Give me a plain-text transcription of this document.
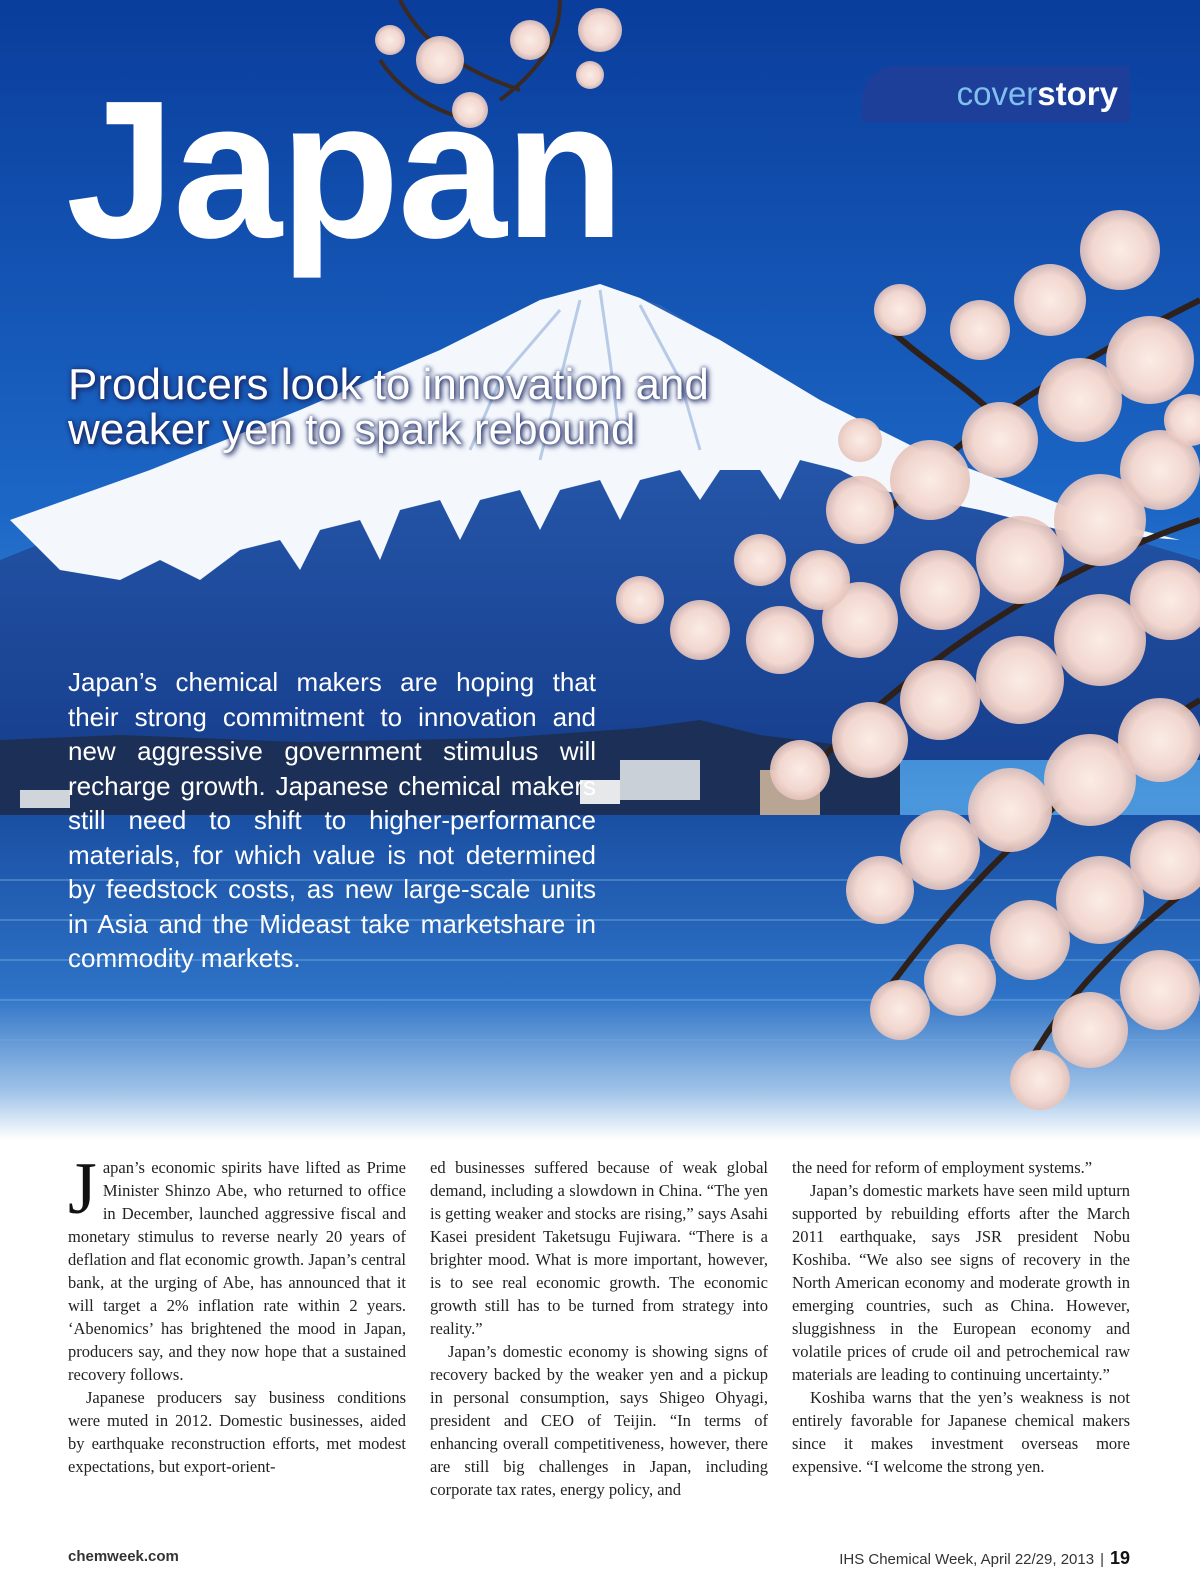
coverstory
Japan
Producers look to innovation and weaker yen to spark rebound
Japan’s chemical makers are hoping that their strong commitment to innovation and new aggressive government stimulus will recharge growth. Japanese chemical makers still need to shift to higher-performance materials, for which value is not determined by feedstock costs, as new large-scale units in Asia and the Mideast take marketshare in commodity markets.

Japan’s economic spirits have lifted as Prime Minister Shinzo Abe, who returned to office in December, launched aggressive fiscal and monetary stimulus to reverse nearly 20 years of deflation and flat economic growth. Japan’s central bank, at the urging of Abe, has announced that it will target a 2% inflation rate within 2 years. ‘Abenomics’ has brightened the mood in Japan, producers say, and they now hope that a sustained recovery follows.

Japanese producers say business conditions were muted in 2012. Domestic businesses, aided by earthquake reconstruction efforts, met modest expectations, but export-orient-

ed businesses suffered because of weak global demand, including a slowdown in China. “The yen is getting weaker and stocks are rising,” says Asahi Kasei president Taketsugu Fujiwara. “There is a brighter mood. What is more important, however, is to see real economic growth. The economic growth still has to be turned from strategy into reality.”

Japan’s domestic economy is showing signs of recovery backed by the weaker yen and a pickup in personal consumption, says Shigeo Ohyagi, president and CEO of Teijin. “In terms of enhancing overall competitiveness, however, there are still big challenges in Japan, including corporate tax rates, energy policy, and

the need for reform of employment systems.”

Japan’s domestic markets have seen mild upturn supported by rebuilding efforts after the March 2011 earthquake, says JSR president Nobu Koshiba. “We also see signs of recovery in the North American economy and moderate growth in emerging countries, such as China. However, sluggishness in the European economy and volatile prices of crude oil and petrochemical raw materials are leading to continuing uncertainty.”

Koshiba warns that the yen’s weakness is not entirely favorable for Japanese chemical makers since it makes investment overseas more expensive. “I welcome the strong yen.

chemweek.com	IHS Chemical Week, April 22/29, 2013 | 19
